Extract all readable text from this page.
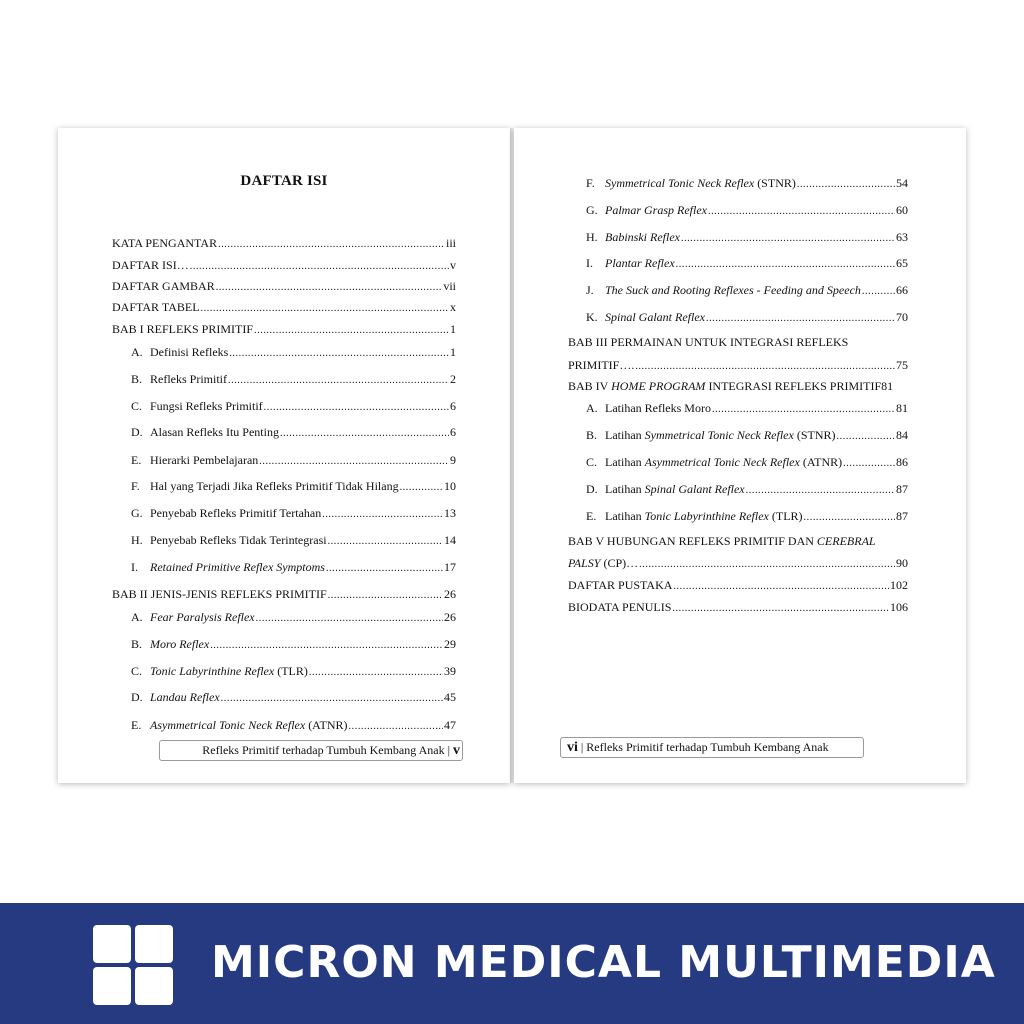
DAFTAR ISI
KATA PENGANTAR .....	iii
DAFTAR ISI… .....	v
DAFTAR GAMBAR .....	vii
DAFTAR TABEL .....	x
BAB I REFLEKS PRIMITIF .....	1
A. Definisi Refleks .....	1
B. Refleks Primitif .....	2
C. Fungsi Refleks Primitif .....	6
D. Alasan Refleks Itu Penting .....	6
E. Hierarki Pembelajaran .....	9
F. Hal yang Terjadi Jika Refleks Primitif Tidak Hilang .....	10
G. Penyebab Refleks Primitif Tertahan .....	13
H. Penyebab Refleks Tidak Terintegrasi .....	14
I.	Retained Primitive Reflex Symptoms .....	17
BAB II JENIS-JENIS REFLEKS PRIMITIF .....	26
A. Fear Paralysis Reflex .....	26
B. Moro Reflex .....	29
C. Tonic Labyrinthine Reflex (TLR) .....	39
D. Landau Reflex .....	45
E. Asymmetrical Tonic Neck Reflex (ATNR) .....	47
Refleks Primitif terhadap Tumbuh Kembang Anak | v
F. Symmetrical Tonic Neck Reflex (STNR) .....	54
G. Palmar Grasp Reflex .....	60
H. Babinski Reflex .....	63
I.	Plantar Reflex .....	65
J. The Suck and Rooting Reflexes - Feeding and Speech .....	66
K. Spinal Galant Reflex .....	70
BAB III PERMAINAN UNTUK INTEGRASI REFLEKS
PRIMITIF…. .....	75
BAB IV HOME PROGRAM INTEGRASI REFLEKS PRIMITIF 81
A. Latihan Refleks Moro .....	81
B. Latihan Symmetrical Tonic Neck Reflex (STNR) .....	84
C. Latihan Asymmetrical Tonic Neck Reflex (ATNR) .....	86
D. Latihan Spinal Galant Reflex .....	87
E. Latihan Tonic Labyrinthine Reflex (TLR) .....	87
BAB V HUBUNGAN REFLEKS PRIMITIF DAN CEREBRAL
PALSY (CP)… .....	90
DAFTAR PUSTAKA .....	102
BIODATA PENULIS .....	106
vi | Refleks Primitif terhadap Tumbuh Kembang Anak
MICRON MEDICAL MULTIMEDIA
